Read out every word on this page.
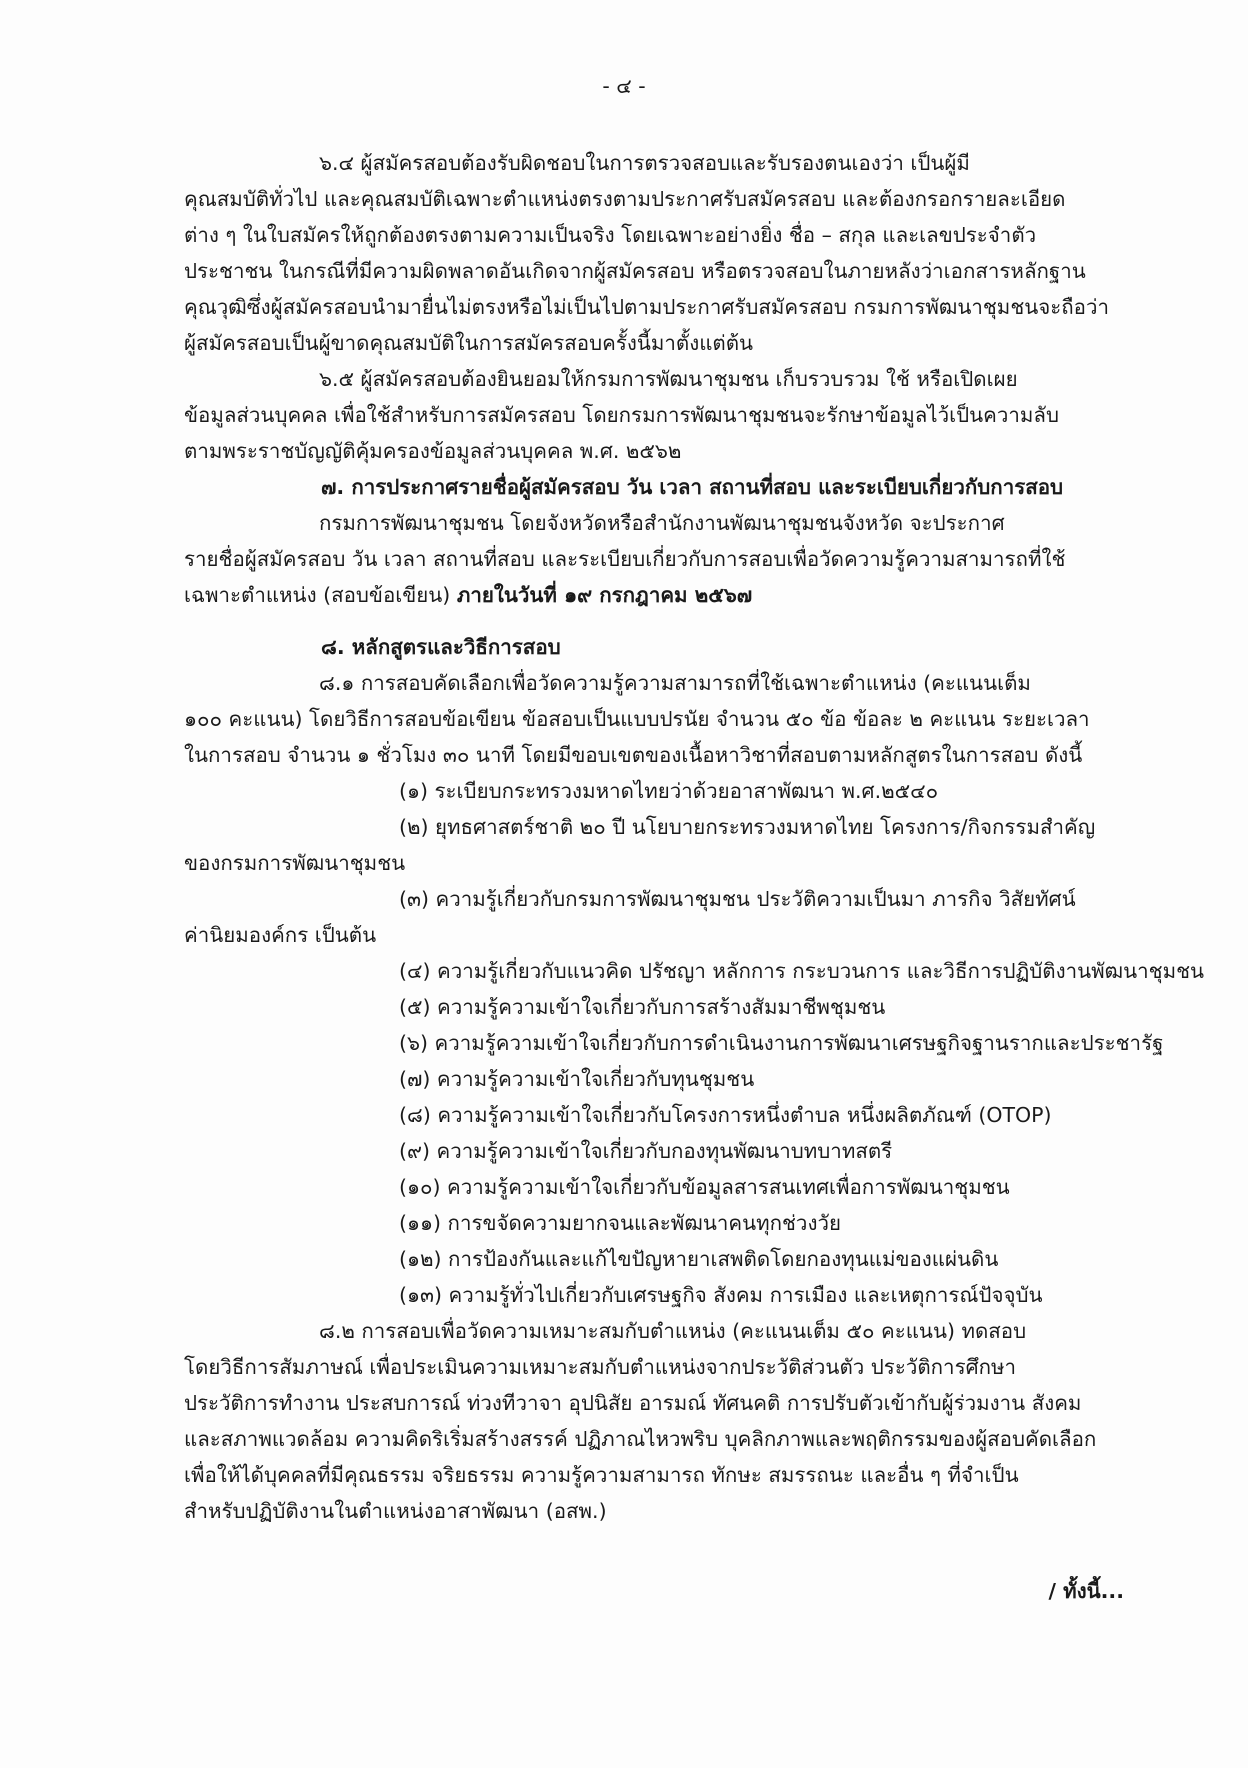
- ๔ -
๖.๔ ผู้สมัครสอบต้องรับผิดชอบในการตรวจสอบและรับรองตนเองว่า เป็นผู้มี
คุณสมบัติทั่วไป และคุณสมบัติเฉพาะตำแหน่งตรงตามประกาศรับสมัครสอบ และต้องกรอกรายละเอียด
ต่าง ๆ ในใบสมัครให้ถูกต้องตรงตามความเป็นจริง โดยเฉพาะอย่างยิ่ง ชื่อ – สกุล และเลขประจำตัว
ประชาชน ในกรณีที่มีความผิดพลาดอันเกิดจากผู้สมัครสอบ หรือตรวจสอบในภายหลังว่าเอกสารหลักฐาน
คุณวุฒิซึ่งผู้สมัครสอบนำมายื่นไม่ตรงหรือไม่เป็นไปตามประกาศรับสมัครสอบ กรมการพัฒนาชุมชนจะถือว่า
ผู้สมัครสอบเป็นผู้ขาดคุณสมบัติในการสมัครสอบครั้งนี้มาตั้งแต่ต้น
๖.๕ ผู้สมัครสอบต้องยินยอมให้กรมการพัฒนาชุมชน เก็บรวบรวม ใช้ หรือเปิดเผย
ข้อมูลส่วนบุคคล เพื่อใช้สำหรับการสมัครสอบ โดยกรมการพัฒนาชุมชนจะรักษาข้อมูลไว้เป็นความลับ
ตามพระราชบัญญัติคุ้มครองข้อมูลส่วนบุคคล พ.ศ. ๒๕๖๒
๗. การประกาศรายชื่อผู้สมัครสอบ วัน เวลา สถานที่สอบ และระเบียบเกี่ยวกับการสอบ
กรมการพัฒนาชุมชน โดยจังหวัดหรือสำนักงานพัฒนาชุมชนจังหวัด จะประกาศ
รายชื่อผู้สมัครสอบ วัน เวลา สถานที่สอบ และระเบียบเกี่ยวกับการสอบเพื่อวัดความรู้ความสามารถที่ใช้
เฉพาะตำแหน่ง (สอบข้อเขียน) ภายในวันที่ ๑๙ กรกฎาคม ๒๕๖๗
๘. หลักสูตรและวิธีการสอบ
๘.๑ การสอบคัดเลือกเพื่อวัดความรู้ความสามารถที่ใช้เฉพาะตำแหน่ง (คะแนนเต็ม
๑๐๐ คะแนน) โดยวิธีการสอบข้อเขียน ข้อสอบเป็นแบบปรนัย จำนวน ๕๐ ข้อ ข้อละ ๒ คะแนน ระยะเวลา
ในการสอบ จำนวน ๑ ชั่วโมง ๓๐ นาที โดยมีขอบเขตของเนื้อหาวิชาที่สอบตามหลักสูตรในการสอบ ดังนี้
(๑) ระเบียบกระทรวงมหาดไทยว่าด้วยอาสาพัฒนา พ.ศ.๒๕๔๐
(๒) ยุทธศาสตร์ชาติ ๒๐ ปี นโยบายกระทรวงมหาดไทย โครงการ/กิจกรรมสำคัญ
ของกรมการพัฒนาชุมชน
(๓) ความรู้เกี่ยวกับกรมการพัฒนาชุมชน ประวัติความเป็นมา ภารกิจ วิสัยทัศน์
ค่านิยมองค์กร เป็นต้น
(๔) ความรู้เกี่ยวกับแนวคิด ปรัชญา หลักการ กระบวนการ และวิธีการปฏิบัติงานพัฒนาชุมชน
(๕) ความรู้ความเข้าใจเกี่ยวกับการสร้างสัมมาชีพชุมชน
(๖) ความรู้ความเข้าใจเกี่ยวกับการดำเนินงานการพัฒนาเศรษฐกิจฐานรากและประชารัฐ
(๗) ความรู้ความเข้าใจเกี่ยวกับทุนชุมชน
(๘) ความรู้ความเข้าใจเกี่ยวกับโครงการหนึ่งตำบล หนึ่งผลิตภัณฑ์ (OTOP)
(๙) ความรู้ความเข้าใจเกี่ยวกับกองทุนพัฒนาบทบาทสตรี
(๑๐) ความรู้ความเข้าใจเกี่ยวกับข้อมูลสารสนเทศเพื่อการพัฒนาชุมชน
(๑๑) การขจัดความยากจนและพัฒนาคนทุกช่วงวัย
(๑๒) การป้องกันและแก้ไขปัญหายาเสพติดโดยกองทุนแม่ของแผ่นดิน
(๑๓) ความรู้ทั่วไปเกี่ยวกับเศรษฐกิจ สังคม การเมือง และเหตุการณ์ปัจจุบัน
๘.๒ การสอบเพื่อวัดความเหมาะสมกับตำแหน่ง (คะแนนเต็ม ๕๐ คะแนน) ทดสอบ
โดยวิธีการสัมภาษณ์ เพื่อประเมินความเหมาะสมกับตำแหน่งจากประวัติส่วนตัว ประวัติการศึกษา
ประวัติการทำงาน ประสบการณ์ ท่วงทีวาจา อุปนิสัย อารมณ์ ทัศนคติ การปรับตัวเข้ากับผู้ร่วมงาน สังคม
และสภาพแวดล้อม ความคิดริเริ่มสร้างสรรค์ ปฏิภาณไหวพริบ บุคลิกภาพและพฤติกรรมของผู้สอบคัดเลือก
เพื่อให้ได้บุคคลที่มีคุณธรรม จริยธรรม ความรู้ความสามารถ ทักษะ สมรรถนะ และอื่น ๆ ที่จำเป็น
สำหรับปฏิบัติงานในตำแหน่งอาสาพัฒนา (อสพ.)
/ ทั้งนี้...
